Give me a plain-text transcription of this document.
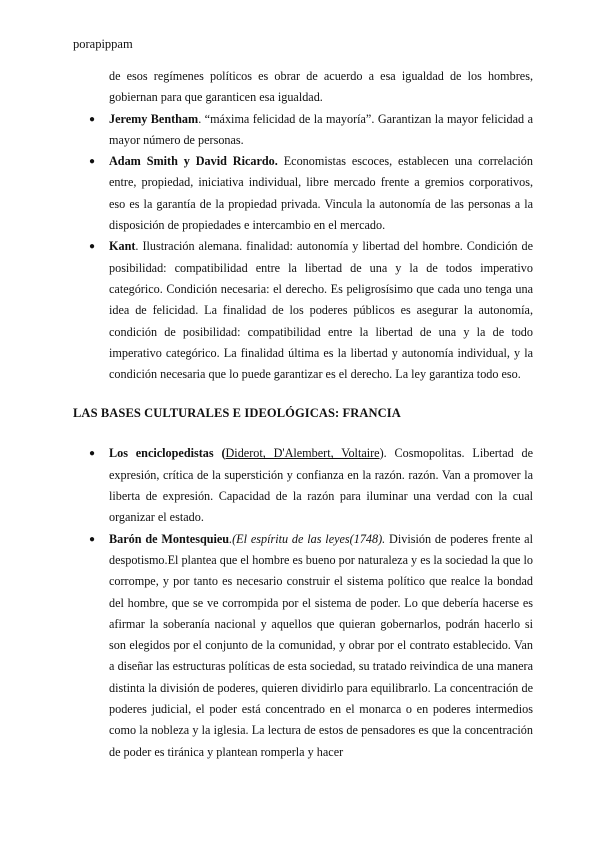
porapippam

de esos regímenes políticos es obrar de acuerdo a esa igualdad de los hombres, gobiernan para que garanticen esa igualdad.

● Jeremy Bentham. “máxima felicidad de la mayoría”. Garantizan la mayor felicidad a mayor número de personas.
● Adam Smith y David Ricardo. Economistas escoces, establecen una correlación entre, propiedad, iniciativa individual, libre mercado frente a gremios corporativos, eso es la garantía de la propiedad privada. Vincula la autonomía de las personas a la disposición de propiedades e intercambio en el mercado.
● Kant. Ilustración alemana. finalidad: autonomía y libertad del hombre. Condición de posibilidad: compatibilidad entre la libertad de una y la de todos imperativo categórico. Condición necesaria: el derecho. Es peligrosísimo que cada uno tenga una idea de felicidad. La finalidad de los poderes públicos es asegurar la autonomía, condición de posibilidad: compatibilidad entre la libertad de una y la de todo imperativo categórico. La finalidad última es la libertad y autonomía individual, y la condición necesaria que lo puede garantizar es el derecho. La ley garantiza todo eso.
LAS BASES CULTURALES E IDEOLÓGICAS: FRANCIA
● Los enciclopedistas (Diderot, D'Alembert, Voltaire). Cosmopolitas. Libertad de expresión, crítica de la superstición y confianza en la razón. razón. Van a promover la liberta de expresión. Capacidad de la razón para iluminar una verdad con la cual organizar el estado.
● Barón de Montesquieu.(El espíritu de las leyes(1748). División de poderes frente al despotismo.El plantea que el hombre es bueno por naturaleza y es la sociedad la que lo corrompe, y por tanto es necesario construir el sistema político que realce la bondad del hombre, que se ve corrompida por el sistema de poder. Lo que debería hacerse es afirmar la soberanía nacional y aquellos que quieran gobernarlos, podrán hacerlo si son elegidos por el conjunto de la comunidad, y obrar por el contrato establecido. Van a diseñar las estructuras políticas de esta sociedad, su tratado reivindica de una manera distinta la división de poderes, quieren dividirlo para equilibrarlo. La concentración de poderes judicial, el poder está concentrado en el monarca o en poderes intermedios como la nobleza y la iglesia. La lectura de estos de pensadores es que la concentración de poder es tiránica y plantean romperla y hacer
